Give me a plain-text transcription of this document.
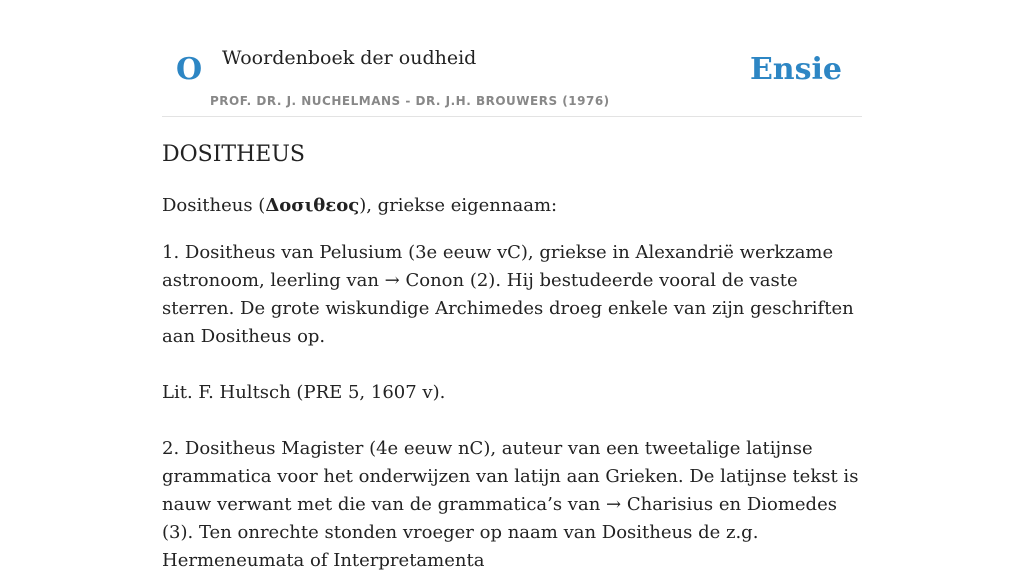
O Woordenboek der oudheid
PROF. DR. J. NUCHELMANS - DR. J.H. BROUWERS (1976)
Ensie
DOSITHEUS

Dositheus (Δοσιθεος), griekse eigennaam:

1. Dositheus van Pelusium (3e eeuw vC), griekse in Alexandrië werkzame astronoom, leerling van → Conon (2). Hij bestudeerde vooral de vaste sterren. De grote wiskundige Archimedes droeg enkele van zijn geschriften aan Dositheus op.

Lit. F. Hultsch (PRE 5, 1607 v).

2. Dositheus Magister (4e eeuw nC), auteur van een tweetalige latijnse grammatica voor het onderwijzen van latijn aan Grieken. De latijnse tekst is nauw verwant met die van de grammatica’s van → Charisius en Diomedes (3). Ten onrechte stonden vroeger op naam van Dositheus de z.g. Hermeneumata of Interpretamenta
